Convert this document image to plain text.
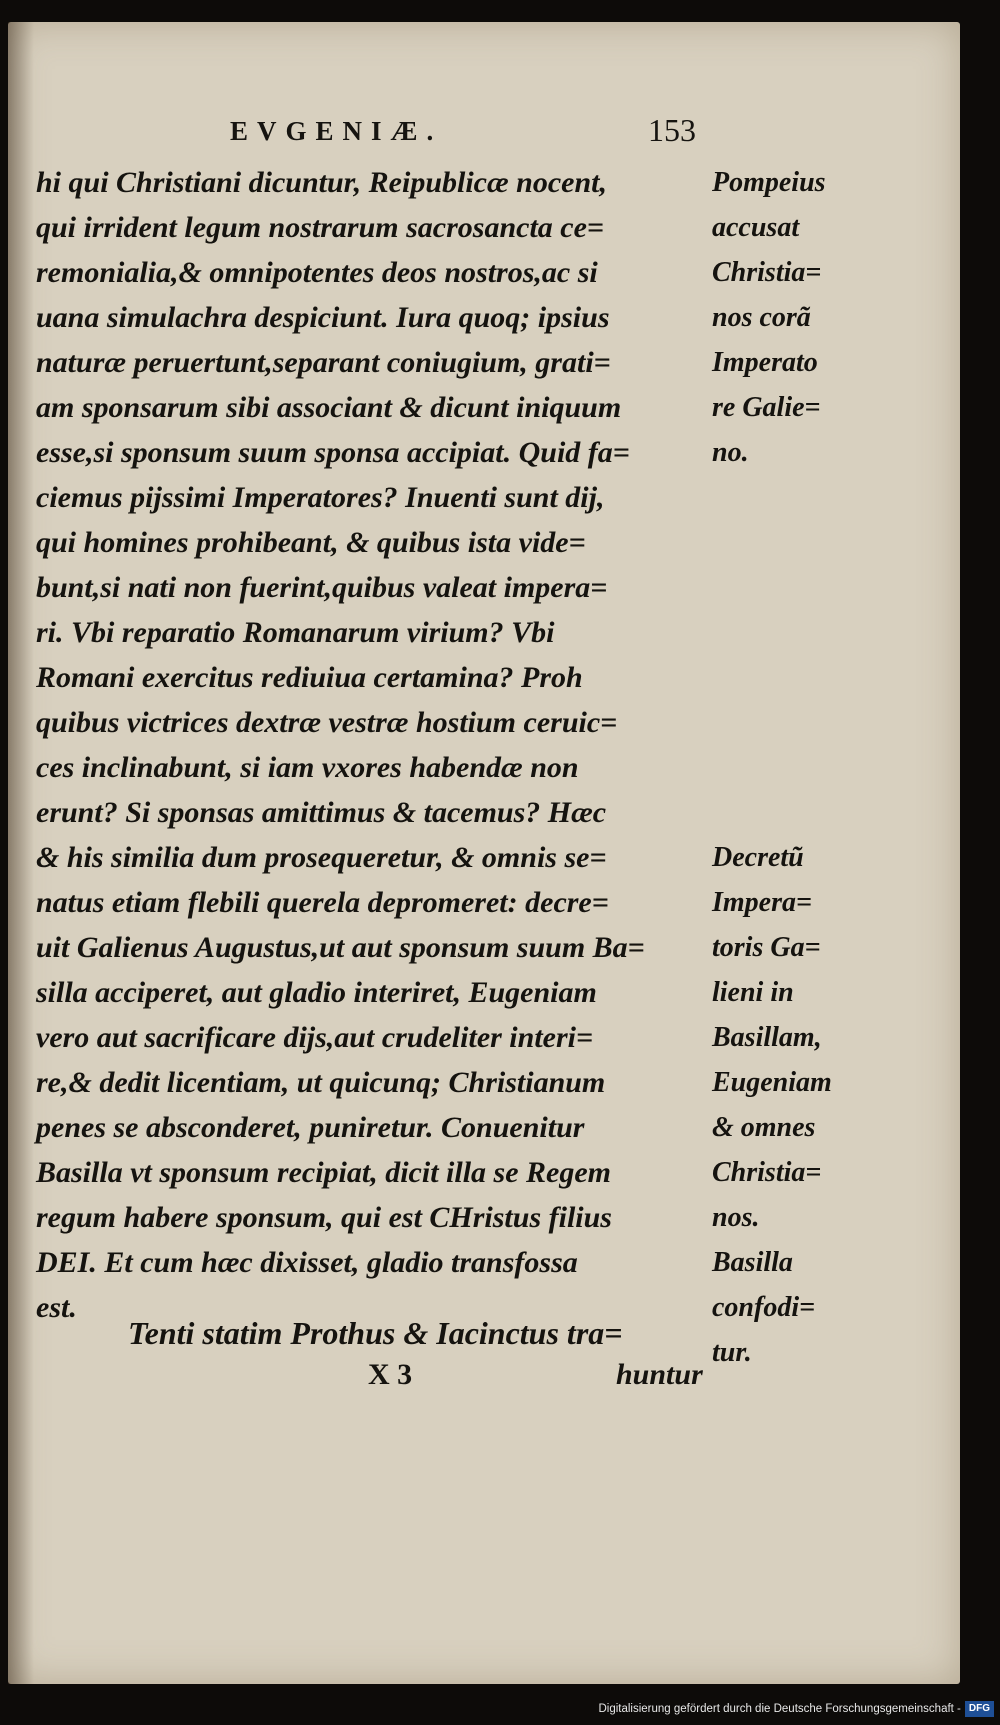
EVGENIÆ.	153
hi qui Christiani dicuntur, Reipublicæ nocent,
qui irrident legum nostrarum sacrosancta ce=
remonialia,& omnipotentes deos nostros,ac si
uana simulachra despiciunt. Iura quoq; ipsius
naturæ peruertunt,separant coniugium, grati=
am sponsarum sibi associant & dicunt iniquum
esse,si sponsum suum sponsa accipiat. Quid fa=
ciemus pijssimi Imperatores? Inuenti sunt dij,
qui homines prohibeant, & quibus ista vide=
bunt,si nati non fuerint,quibus valeat impera=
ri. Vbi reparatio Romanarum virium? Vbi
Romani exercitus rediuiua certamina? Proh
quibus victrices dextræ vestræ hostium ceruic=
ces inclinabunt, si iam vxores habendæ non
erunt? Si sponsas amittimus & tacemus? Hæc
& his similia dum prosequeretur, & omnis se=
natus etiam flebili querela depromeret: decre=
uit Galienus Augustus,ut aut sponsum suum Ba=
silla acciperet, aut gladio interiret, Eugeniam
vero aut sacrificare dijs,aut crudeliter interi=
re,& dedit licentiam, ut quicunq; Christianum
penes se absconderet, puniretur. Conuenitur
Basilla vt sponsum recipiat, dicit illa se Regem
regum habere sponsum, qui est CHristus filius
DEI. Et cum hæc dixisset, gladio transfossa
est.
Pompeius
accusat
Christia=
nos corã
Imperato
re Galie=
no.
Decretũ
Impera=
toris Ga=
lieni in
Basillam,
Eugeniam
& omnes
Christia=
nos.
Basilla
confodi=
tur.
Tenti statim Prothus & Iacinctus tra=
X 3	huntur
Digitalisierung gefördert durch die Deutsche Forschungsgemeinschaft - DFG
